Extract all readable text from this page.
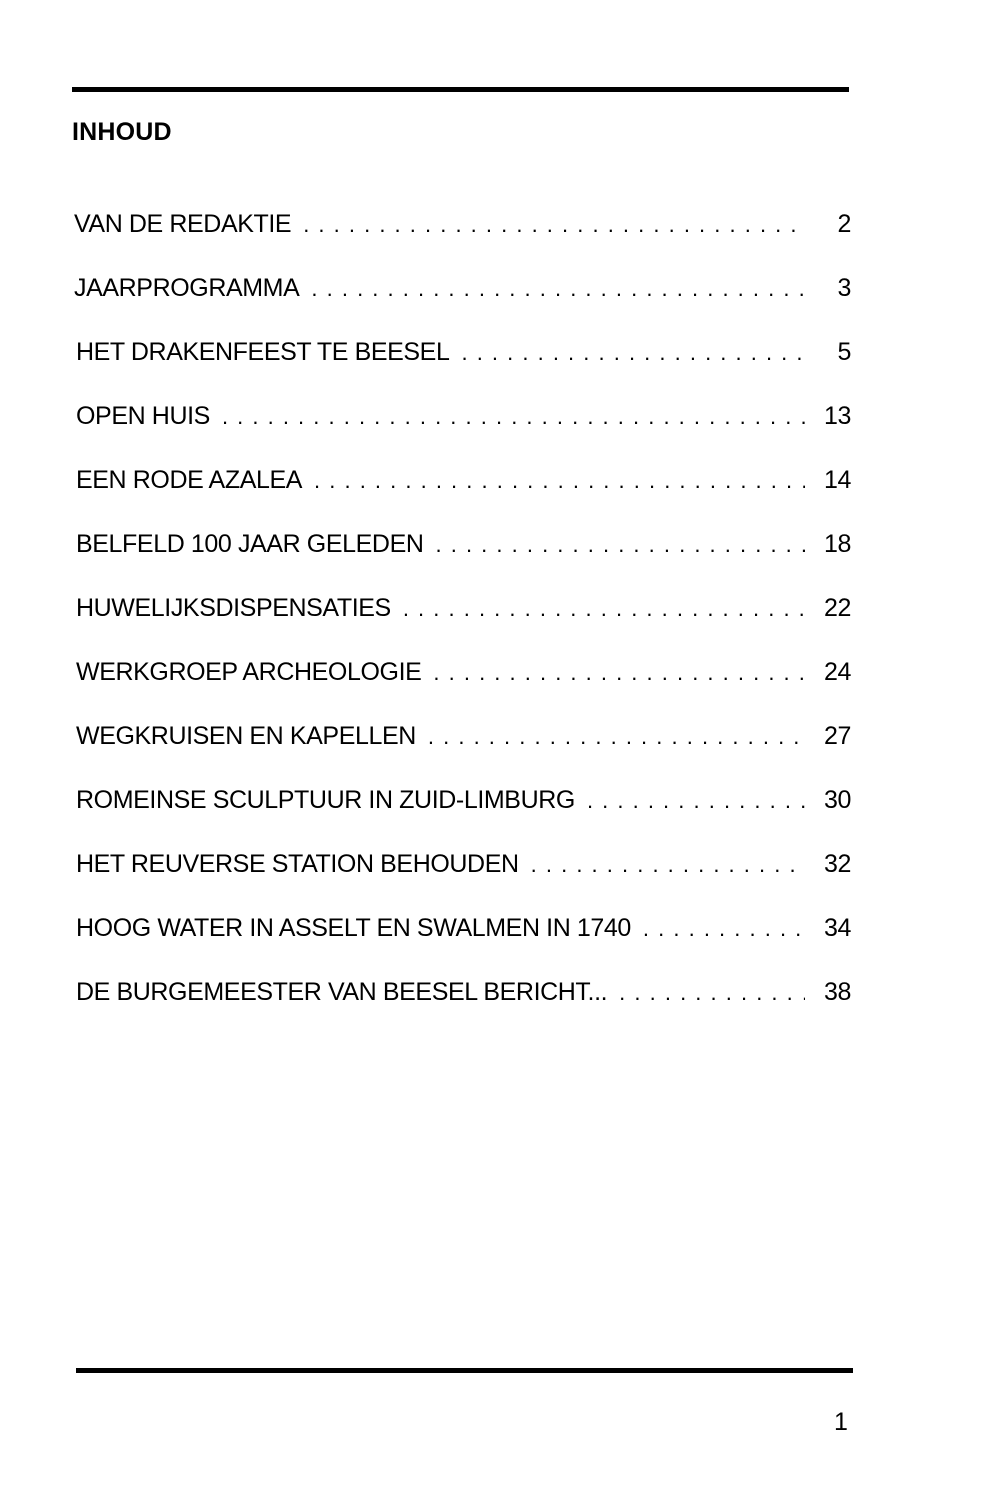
INHOUD
VAN DE REDAKTIE . . .	2
JAARPROGRAMMA . . .	3
HET DRAKENFEEST TE BEESEL . . .	5
OPEN HUIS . . .	13
EEN RODE AZALEA . . .	14
BELFELD 100 JAAR GELEDEN . . .	18
HUWELIJKSDISPENSATIES . . .	22
WERKGROEP ARCHEOLOGIE . . .	24
WEGKRUISEN EN KAPELLEN . . .	27
ROMEINSE SCULPTUUR IN ZUID-LIMBURG . . .	30
HET REUVERSE STATION BEHOUDEN . . .	32
HOOG WATER IN ASSELT EN SWALMEN IN 1740 . . .	34
DE BURGEMEESTER VAN BEESEL BERICHT... . . .	38
1
